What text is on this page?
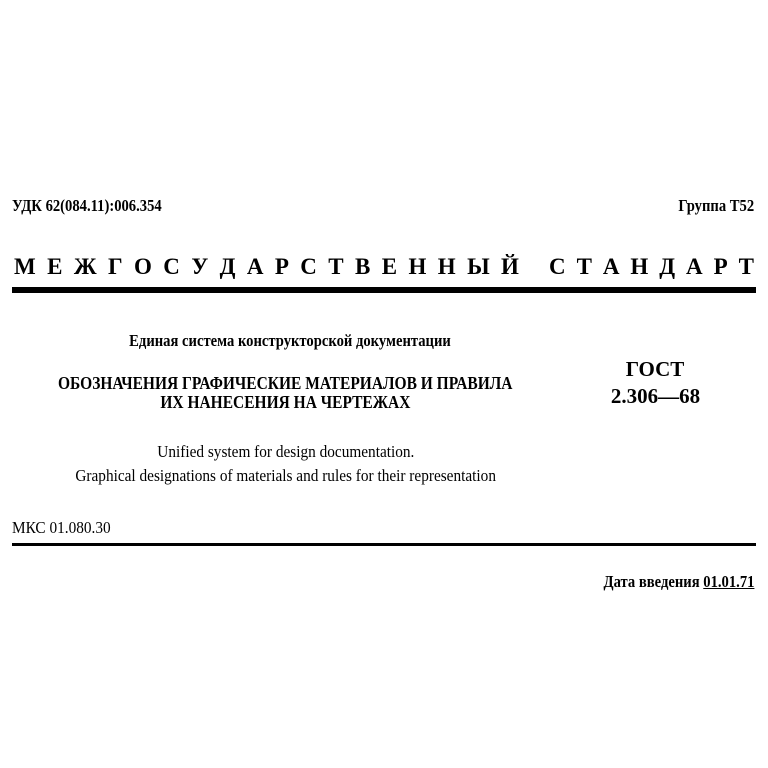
УДК 62(084.11):006.354	Группа Т52
М Е Ж Г О С У Д А Р С Т В Е Н Н Ы Й С Т А Н Д А Р Т
Единая система конструкторской документации
ОБОЗНАЧЕНИЯ ГРАФИЧЕСКИЕ МАТЕРИАЛОВ И ПРАВИЛА
ИХ НАНЕСЕНИЯ НА ЧЕРТЕЖАХ
ГОСТ
2.306—68
Unified system for design documentation.
Graphical designations of materials and rules for their representation
МКС 01.080.30
Дата введения 01.01.71
